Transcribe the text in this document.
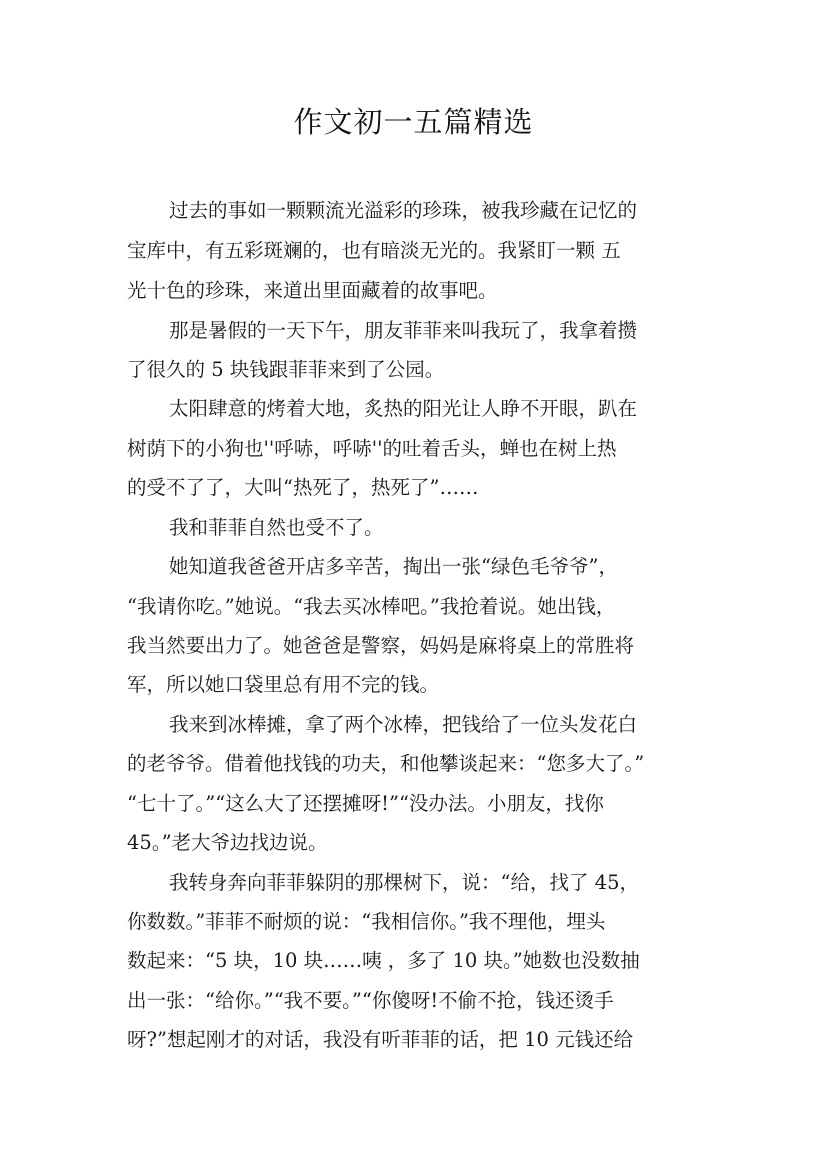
作文初一五篇精选
过去的事如一颗颗流光溢彩的珍珠，被我珍藏在记忆的
宝库中，有五彩斑斓的，也有暗淡无光的。我紧盯一颗 五
光十色的珍珠，来道出里面藏着的故事吧。
那是暑假的一天下午，朋友菲菲来叫我玩了，我拿着攒
了很久的 5 块钱跟菲菲来到了公园。
太阳肆意的烤着大地，炙热的阳光让人睁不开眼，趴在
树荫下的小狗也''呼哧，呼哧''的吐着舌头，蝉也在树上热
的受不了了，大叫“热死了，热死了”……
我和菲菲自然也受不了。
她知道我爸爸开店多辛苦，掏出一张“绿色毛爷爷”，
“我请你吃。”她说。“我去买冰棒吧。”我抢着说。她出钱，
我当然要出力了。她爸爸是警察，妈妈是麻将桌上的常胜将
军，所以她口袋里总有用不完的钱。
我来到冰棒摊，拿了两个冰棒，把钱给了一位头发花白
的老爷爷。借着他找钱的功夫，和他攀谈起来：“您多大了。”
“七十了。”“这么大了还摆摊呀!”“没办法。小朋友，找你
45。”老大爷边找边说。
我转身奔向菲菲躲阴的那棵树下，说：“给，找了 45，
你数数。”菲菲不耐烦的说：“我相信你。”我不理他，埋头
数起来：“5 块，10 块……咦 ，多了 10 块。”她数也没数抽
出一张：“给你。”“我不要。”“你傻呀!不偷不抢，钱还烫手
呀?”想起刚才的对话，我没有听菲菲的话，把 10 元钱还给
